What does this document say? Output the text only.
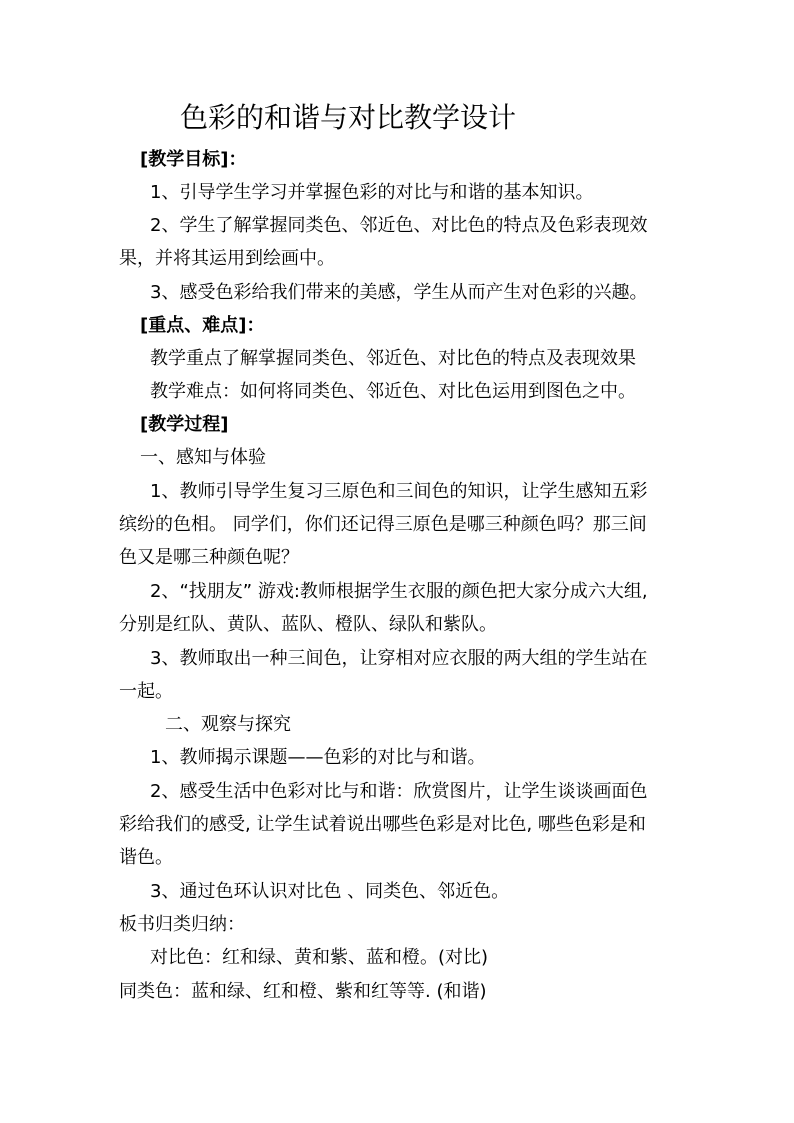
色彩的和谐与对比教学设计
[教学目标]：
1、引导学生学习并掌握色彩的对比与和谐的基本知识。
2、学生了解掌握同类色、邻近色、对比色的特点及色彩表现效
果，并将其运用到绘画中。
3、感受色彩给我们带来的美感，学生从而产生对色彩的兴趣。
[重点、难点]：
教学重点了解掌握同类色、邻近色、对比色的特点及表现效果
教学难点：如何将同类色、邻近色、对比色运用到图色之中。
[教学过程]
一、感知与体验
1、教师引导学生复习三原色和三间色的知识，让学生感知五彩
缤纷的色相。 同学们，你们还记得三原色是哪三种颜色吗？那三间
色又是哪三种颜色呢？
2、“找朋友” 游戏:教师根据学生衣服的颜色把大家分成六大组,
分别是红队、黄队、蓝队、橙队、绿队和紫队。
3、教师取出一种三间色，让穿相对应衣服的两大组的学生站在
一起。
二、观察与探究
1、教师揭示课题——色彩的对比与和谐。
2、感受生活中色彩对比与和谐：欣赏图片，让学生谈谈画面色
彩给我们的感受, 让学生试着说出哪些色彩是对比色, 哪些色彩是和
谐色。
3、通过色环认识对比色 、同类色、邻近色。
板书归类归纳：
对比色：红和绿、黄和紫、蓝和橙。(对比)
同类色：蓝和绿、红和橙、紫和红等等. (和谐)
